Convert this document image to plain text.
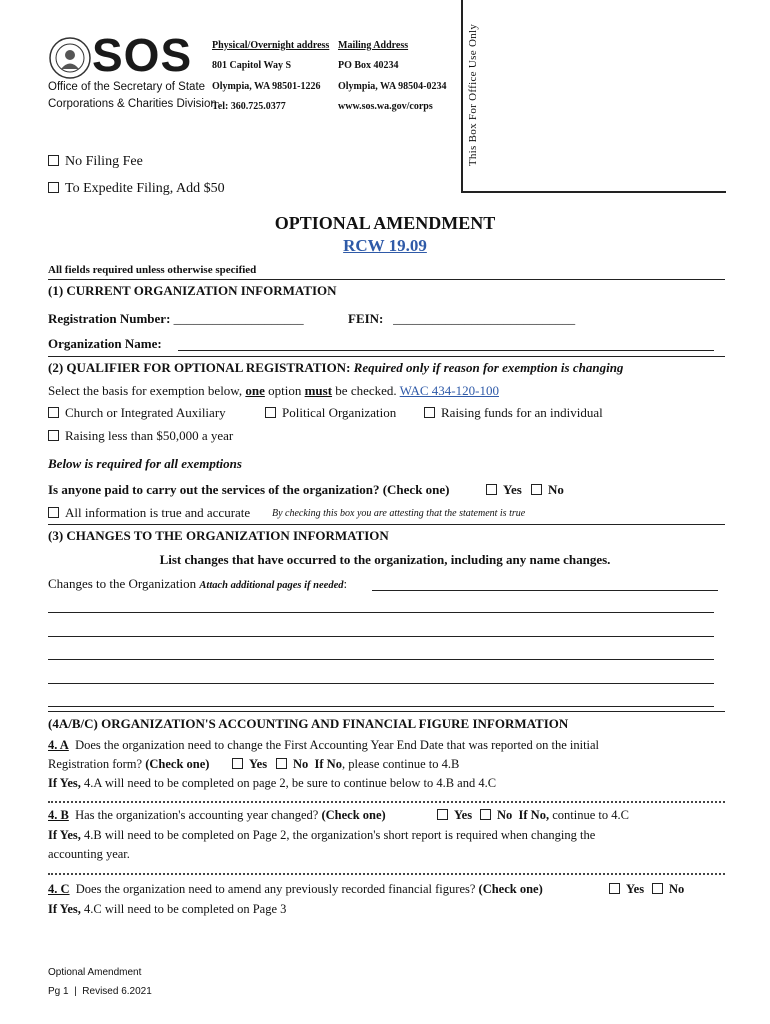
SOS
Office of the Secretary of State
Corporations & Charities Division
Physical/Overnight address Mailing Address
801 Capitol Way S	PO Box 40234
Olympia, WA 98501-1226 Olympia, WA 98504-0234
Tel: 360.725.0377	www.sos.wa.gov/corps	This Box For Office Use Only
No Filing Fee
To Expedite Filing, Add $50
OPTIONAL AMENDMENT
RCW 19.09
All fields required unless otherwise specified
(1) CURRENT ORGANIZATION INFORMATION
Registration Number: ____________________	FEIN: ____________________________
Organization Name:
(2) QUALIFIER FOR OPTIONAL REGISTRATION: Required only if reason for exemption is changing
Select the basis for exemption below, one option must be checked. WAC 434-120-100
Church or Integrated Auxiliary	Political Organization	Raising funds for an individual
Raising less than $50,000 a year
Below is required for all exemptions
Is anyone paid to carry out the services of the organization? (Check one)	Yes	No
All information is true and accurate By checking this box you are attesting that the statement is true
(3) CHANGES TO THE ORGANIZATION INFORMATION
List changes that have occurred to the organization, including any name changes.
Changes to the Organization Attach additional pages if needed:
(4A/B/C) ORGANIZATION'S ACCOUNTING AND FINANCIAL FIGURE INFORMATION
4. A Does the organization need to change the First Accounting Year End Date that was reported on the initial
Registration form? (Check one)	Yes	No If No, please continue to 4.B
If Yes, 4.A will need to be completed on page 2, be sure to continue below to 4.B and 4.C
4. B Has the organization's accounting year changed? (Check one)	Yes	No If No, continue to 4.C
If Yes, 4.B will need to be completed on Page 2, the organization's short report is required when changing the
accounting year.
4. C Does the organization need to amend any previously recorded financial figures? (Check one)	Yes	No
If Yes, 4.C will need to be completed on Page 3
Optional Amendment
Pg 1  |  Revised 6.2021
